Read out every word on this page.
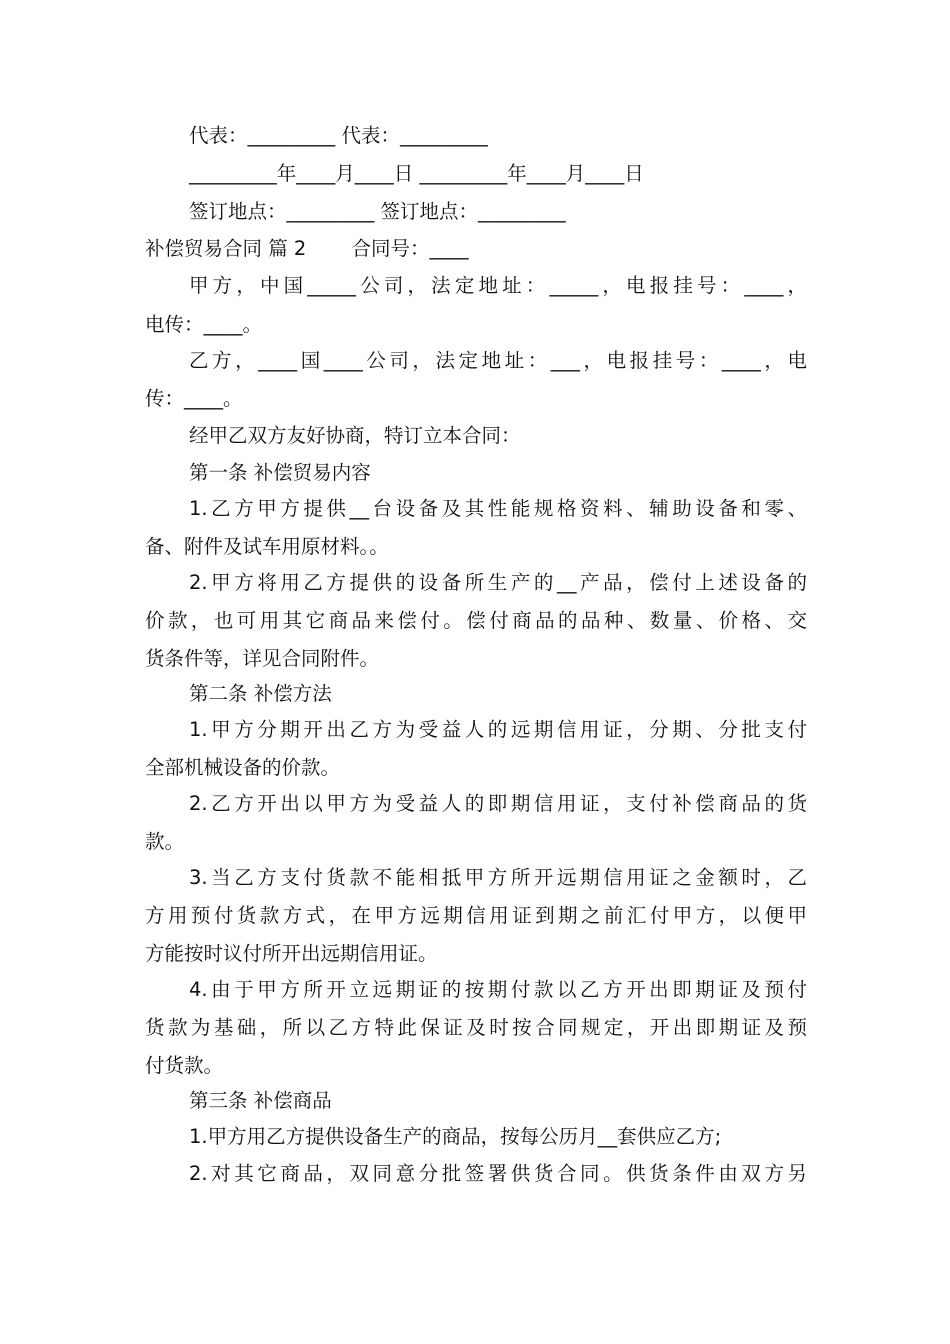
代表：_________ 代表：_________
_________年____月____日 _________年____月____日
签订地点：_________ 签订地点：_________
补偿贸易合同 篇 2　　 合同号：____
甲方，中国_____公司，法定地址：_____，电报挂号：____，
电传：____。
乙方，____国____公司，法定地址：___，电报挂号：____，电
传：____。
经甲乙双方友好协商，特订立本合同：
第一条 补偿贸易内容
1.乙方甲方提供__台设备及其性能规格资料、辅助设备和零、
备、附件及试车用原材料。。
2.甲方将用乙方提供的设备所生产的__产品，偿付上述设备的
价款，也可用其它商品来偿付。偿付商品的品种、数量、价格、交
货条件等，详见合同附件。
第二条 补偿方法
1.甲方分期开出乙方为受益人的远期信用证，分期、分批支付
全部机械设备的价款。
2.乙方开出以甲方为受益人的即期信用证，支付补偿商品的货
款。
3.当乙方支付货款不能相抵甲方所开远期信用证之金额时，乙
方用预付货款方式，在甲方远期信用证到期之前汇付甲方，以便甲
方能按时议付所开出远期信用证。
4.由于甲方所开立远期证的按期付款以乙方开出即期证及预付
货款为基础，所以乙方特此保证及时按合同规定，开出即期证及预
付货款。
第三条 补偿商品
1.甲方用乙方提供设备生产的商品，按每公历月__套供应乙方;
2.对其它商品，双同意分批签署供货合同。供货条件由双方另
